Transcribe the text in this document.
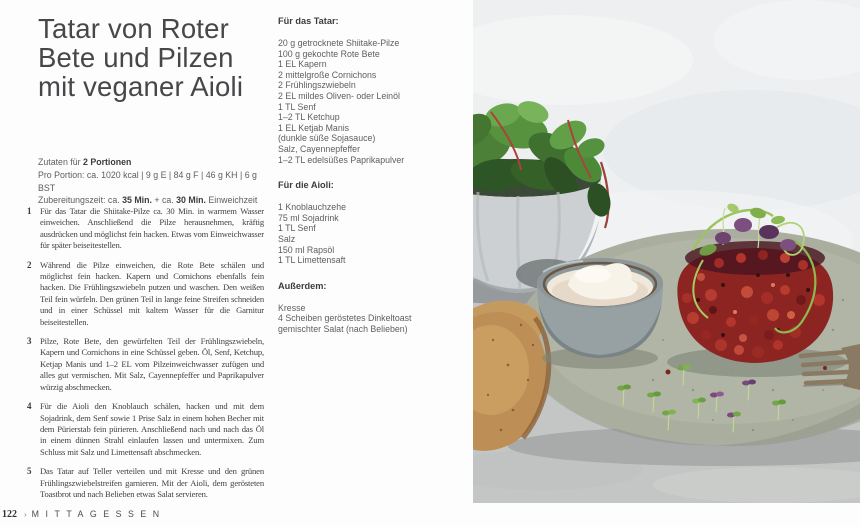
Tatar von Roter
Bete und Pilzen
mit veganer Aioli
Zutaten für 2 Portionen
Pro Portion: ca. 1020 kcal | 9 g E | 84 g F | 46 g KH | 6 g BST
Zubereitungszeit: ca. 35 Min. + ca. 30 Min. Einweichzeit
1 Für das Tatar die Shiitake-Pilze ca. 30 Min. in warmem Wasser einweichen. Anschließend die Pilze herausnehmen, kräftig ausdrücken und möglichst fein hacken. Etwas vom Einweichwasser für später beiseitestellen.
2 Während die Pilze einweichen, die Rote Bete schälen und möglichst fein hacken. Kapern und Cornichons ebenfalls fein hacken. Die Frühlingszwiebeln putzen und waschen. Den weißen Teil fein würfeln. Den grünen Teil in lange feine Streifen schneiden und in einer Schüssel mit kaltem Wasser für die Garnitur beiseitestellen.
3 Pilze, Rote Bete, den gewürfelten Teil der Frühlingszwiebeln, Kapern und Cornichons in eine Schüssel geben. Öl, Senf, Ketchup, Ketjap Manis und 1–2 EL vom Pilzeinweichwasser zufügen und alles gut vermischen. Mit Salz, Cayennepfeffer und Paprikapulver würzig abschmecken.
4 Für die Aioli den Knoblauch schälen, hacken und mit dem Sojadrink, dem Senf sowie 1 Prise Salz in einem hohen Becher mit dem Pürierstab fein pürieren. Anschließend nach und nach das Öl in einem dünnen Strahl einlaufen lassen und untermixen. Zum Schluss mit Salz und Limettensaft abschmecken.
5 Das Tatar auf Teller verteilen und mit Kresse und den grünen Frühlingszwiebelstreifen garnieren. Mit der Aioli, dem gerösteten Toastbrot und nach Belieben etwas Salat servieren.
122 › MITTAGESSEN
Für das Tatar:
20 g getrocknete Shiitake-Pilze
100 g gekochte Rote Bete
1 EL Kapern
2 mittelgroße Cornichons
2 Frühlingszwiebeln
2 EL mildes Oliven- oder Leinöl
1 TL Senf
1–2 TL Ketchup
1 EL Ketjab Manis
(dunkle süße Sojasauce)
Salz, Cayennepfeffer
1–2 TL edelsüßes Paprikapulver
Für die Aioli:
1 Knoblauchzehe
75 ml Sojadrink
1 TL Senf
Salz
150 ml Rapsöl
1 TL Limettensaft
Außerdem:
Kresse
4 Scheiben geröstetes Dinkeltoast
gemischter Salat (nach Belieben)
